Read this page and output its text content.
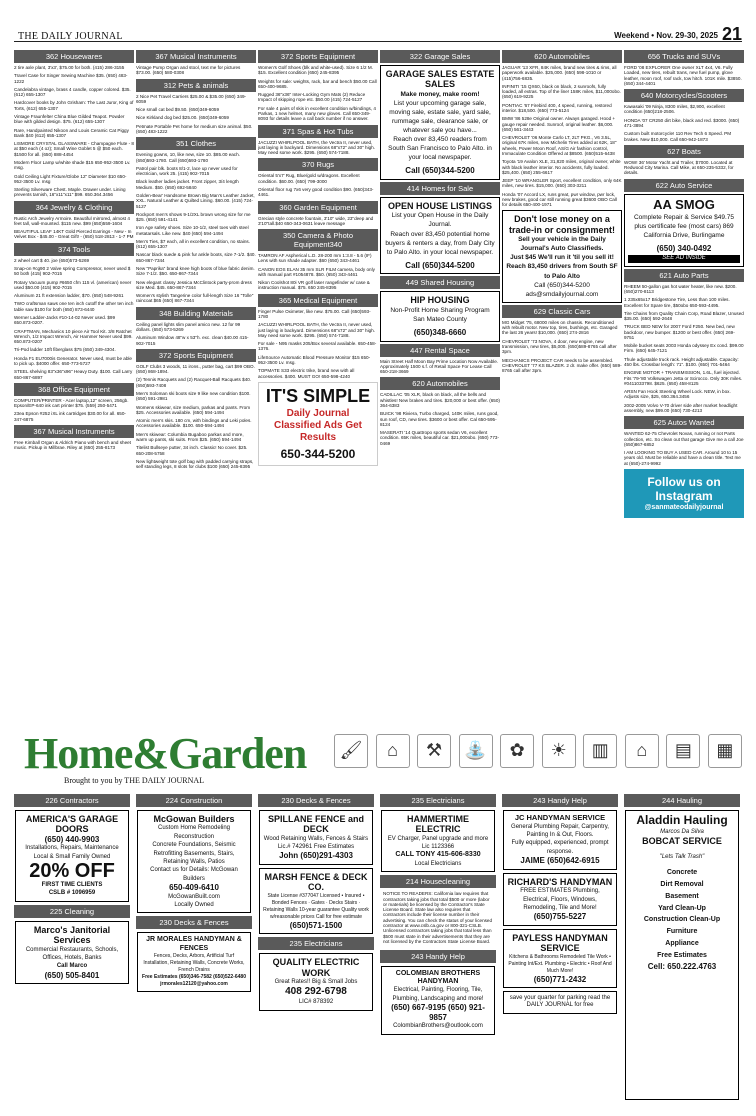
THE DAILY JOURNAL	Weekend • Nov. 29-30, 2025 21
362 Housewares

2 tire axle plant, 3'x3', $75.00 for both. (415) 286-3155

Travel Case for Singer Sewing Machine $35. (650) 483-1222

Candelabra vintage, brass 4 candle, copper colored. $35. (612) 655-1307

Hardcover books by John Grisham: The Last Juror, King of Torts, (612) 655-1307

Vintage Fraunfelter China Blue Gilded Teapot. Powder blue with gilded design. $75. (612) 655-1307

Rare, Handpainted Nikoon and Louis Ceramic Cat Piggy Bank $40 (612) 655-1307

LISMORE CRYSTAL GLASSWARE - Champagne Flute - 8 at $50 each (4 oz); Small Wine Goblet 5 @ $50 each. $1500 for all. (650) 888-4454

Modern Floor Lamp w/white shade $15 650-952-3500 Lv. msg.

Gold Ceiling Light Fixture/Globe 12" Diameter $10 650-952-3500 Lv. msg

Sterling Silverware Chest. Maple. Drawer under. Lining prevents tarnish, 16"x11"x11" $99. 650.364.3456

364 Jewelry & Clothing

Rustic Arch Jewelry Armoire. Beautiful mirrored, almost 4 feet tall, wall-mounted. $115 new. $99 (650)559-1604

BEAUTIFUL LEAF 14KT Gold Pierced Earrings - New - In Velvet Box - $45.00 - Great Gift! - (650) 518-2813 - 1-7 PM

374 Tools

2 wheel cart $ 40. joe (650)573-5269

Snap-on #cg90 2 Valve spring Compressor, never used $ 50 both (415) 902-7015

Rotary Vacuum pump #6650 cfm 115 vl. (american) never used $50.00 (415) 902-7015

Aluminum 21 ft extension ladder, $70. (650) 548-9261

TWO craftsman saws one ten inch cutoff the other ten inch table saw $100 for both (650) 873-6440

Werner Ladder-Jacks #10-14-02 Never used. $99 650.873-0207.

CRAFTMAN, Mechanics 10 piece Air Tool Kit. 3/8 Ratchet Wrench, 1/2 Impact Wrench, Air Hammer Never used $99. 650.873-0207

Tri-Pod ladder 10ft fiberglass $75 (650) 349-4304.

Honda F1 EU7000is Generator. Never used, must be able to pick up. $4000 offer. 650-773-5727

STEEL shelving 83"x36"x96" Heavy Duty. $100. Call Larry 650-867-6897

368 Office Equipment

COMPUTER/PRINTER - Acer laptop,12" screen, 256gb. Epson/EP-640 ink cart printer $75. (559) 250-5471

23ea Epson #252 iXL ink cartridges $30.00 for all. 650-347-6875

367 Musical Instruments

Free Kimball Organ & Aldrich Piano with bench and sheet music. Pickup in Millbrae. Riley at (650) 255-8173

367 Musical Instruments

Vintage Pump Organ and stool, text me for pictures $73.00. (650) 580-0308

312 Pets & animals

2 Nice Pet Travel Carriers $25.00 & $35.00 (650) 349-6059

Nice small cat bed $9.50. (650)349-6059

Nice Kirkland dog bed $25.00. (650)349-6059

Petmate Portable Pet home for medium size animal. $50. (650) 483-1222

351 Clothes

Evening gowns, 10, like new, size 10. $85.00 each. (650)593-1780. Call (650)593-1780

Patrol pair blk. boots 8/1-2, lace up never used for electrician, work 25. (415) 902-7015

Black leather ladies jacket. Front zipper, 3/4 length Medium. $50. (650) 692-5840

Golden-Bear' Handsome Brown Big Man's Leather Jacket, XXL. Natural Leather & Quilted Lining. $60.00. (415) 724-5127

Rockport men's shows 9-1/2XL brown wrong size for me $25. (650) 591-4141

Iron Age safety shoes. Size 10-1/2, steel toes with steel metatarsals. Like new. $40 (650) 594-1494

Men's Ties, $7 each, all in excellent condition, no stains. (612) 655-1307

Nascar black suede & pink fur ankle boots, size 7-1/2. $40. 650-867-7344

New "Paprika" brand knee high boots of blue fabric denim. Size 7-1/2. $50. 650-867-7344

New elegant classy Jessica McClintock party-prom dress size Med. $45. 650-867-7344

Women's stylish Tangerine color full-length Size 16 "Tolle" raincoat $65 (650) 867-7344

348 Building Materials

Ceiling panel lights slim panel amico new. 12 for 99 dollars. (650) 573-5269

Aluminum Window 48"w x 53"h. exc. clean $40.00 415-902-7015

372 Sports Equipment

GOLF Clubs 3 woods, 11 irons., putter bag, cart $99 OBO. (650) 868-1894.

(2) Tennis Racquets and (2) Racquet-Ball Racquets $40. (650)593-7408

Men's Soloman ski boots size 9 like new condition $100. (650) 591-2981

Womens skiwear, size medium, parkas and pants. From $25. Accessories available. (650) 594-1494

Atomic men's skis. 180 cm, with bindings and Leki poles. Accessories available. $100. 650-594-1494

Men's skiwear: Columbia Bugaboo parkas and more, warm up pants, ski suits. From $25. (650) 594-1494

Titelist Bullseye putter, 34 inch. Classic! No cover. $25. 650-208-5758

New lightweight tote golf bag with padded carrying straps, self standing legs, 8 slots for clubs $100 (650) 245-8395

372 Sports Equipment

Women's Golf Shoes (blk and white-used). Size 6 1/2 M. $15. Excellent condition (650) 245-8395

Weights for sale: weights, rack, bar and bench $50.00 Call 650-400-9685.

Rugged 36"x36" Inter-Locking Gym Mats (2) Reduce Impact of skipping rope etc. $50.00 (415) 724-5127

For sale 4 pairs of skis in excellent condition w/bindings, 4 Parkas, 1 new helmet, many new gloves. Call 650-349-8093 for details leave a call back number if no answer.

371 Spas & Hot Tubs

JACUZZI WHIRLPOOL BATH, the Vectra II, never used, just laying in backyard. Dimensions 68"x72" and 30" high. May need some work. $295. (650) 574-7188.

370 Rugs

Oriental 5'x7' Rug, Blue/gold w/dragons. Excellent condition. $60.00. (650) 799-3000

Oriental floor rug 7x6 very good condition $90. (650)343-4461.

360 Garden Equipment

Grecian style concrete fountain, 3'10" wide, 23"deep and 3'10"tall.$40 650-343-0631 leave message

350 Camera & Photo Equipment340

TAMRON AF Aspherical L.D. 28-200 mm 1:3.8 - 5.6 (IF) Lens with sun shade adapter. $60 (650) 343-4461

CANON EOS ELAN 35 mm SLR FILM camera, body only with manual part #1054878. $50. (650) 343-4461

Nikon Coolshot 80i VR golf laser rangefinder w/ case & instruction manual. $75. 650 245-8395

365 Medical Equipment

Finger Pulse Oximeter, like new. $75.00. Call (650)593-1780

JACUZZI WHIRLPOOL BATH, the Vectra II, never used, just laying in backyard. Dimensions 68"x72" and 30" high. May need some work. $295. (650) 574-7188.

For sale - N95 masks 205/Box several available. 650-458-1376.

LifeSource Automatic Blood Pressure Monitor $15 650-952-3500 Lv. msg.

TOPMATE S33 electric trike, brand new with all accessories. $400. MUST GO! 650-598-4240

IT'S SIMPLE
Daily Journal Classified Ads Get Results
650-344-5200
322 Garage Sales
GARAGE SALES ESTATE SALES
Make money, make room!
List your upcoming garage sale, moving sale, estate sale, yard sale, rummage sale, clearance sale, or whatever sale you have...
Reach over 83,450 readers from South San Francisco to Palo Alto. in your local newspaper.
Call (650)344-5200
414 Homes for Sale
OPEN HOUSE LISTINGS
List your Open House in the Daily Journal.
Reach over 83,450 potential home buyers & renters a day, from Daly City to Palo Alto. in your local newspaper.
Call (650)344-5200
449 Shared Housing
HIP HOUSING
Non-Profit Home Sharing Program
San Mateo County
(650)348-6660
447 Rental Space

Main Street Half Moon Bay Prime Location Now Available. Approximately 1500 s.f. of Retail Space For Lease Call 650-218-3669

620 Automobiles

CADILLAC '05 XLR, black on black, all the bells and whistles! New brakes and tires. $20,000 or best offer. (650) 364-6383

BUICK '98 Riviera, Turbo charged, 140K miles, runs good, sun roof, CD, new tires. $3600 or best offer. Cal 650-595-8124

MASERATI '14 Quattropo sports sedan V6, excellent condition. 65K miles, beautiful car. $21,000obo. (650) 773-0469

620 Automobiles

JAGUAR '13 XFR, 84K miles, brand new tires & rims, all paperwork available. $25,000. (650) 598-1010 or (415)756-6835.

INFINITI '15 QX60, black on black, 2 sunroofs, fully loaded, all extras. Top of the line! 158K miles, $11,000obo. (650) 619-9225

PONTIAC '67 Firebird 400, 4 speed, running, restored interior. $18,500. (650) 773-5124

BMW '86 528e Original owner. Always garaged. Hood + gauge repair needed. Sunroof, original leather. $6,000. (650) 561-3443

CHEVROLET '06 Monte Carlo LT, 2LT PKG., V6 3.5L, original 67K miles, new Michelin Tires added at 62K, 18" wheels, Power Moon Roof, AS/G Air fashion control, Immaculate Condition Offered at $8500. (650)515-6438

Toyota '19 Avalon XLE, 31,820 miles, original owner, white with black leather interior. No accidents, fully loaded. $25,400. (650) 255-6617

JEEP '10 WRANGLER Sport, excellent condition, only 64K miles, new tires. $15,000. (650) 303-3211

Honda '07 Accord LX, runs great, pwr window, pwr lock, new brakes, good car still running great $3600 OBO Call for details 650-400-1971

Don't lose money on a trade-in or consignment!
Sell your vehicle in the Daily Journal's Auto Classifieds.
Just $45 We'll run it 'til you sell it!
Reach 83,450 drivers from South SF to Palo Alto
Call (650)344-5200 ads@smdailyjournal.com
629 Classic Cars

MG Midget '75, 68000 miles on chassis. Reconditioned with rebuilt motor. New top, tires, bushings, etc. Garaged the last 26 years! $10,000. (650) 274-2816

CHEVROLET '73 NOVA, 4 door, new engine, new transmission, new tires, $5,000. (650)589-8765 call after 3pm.

MECHANICS PROJECT CAR needs to be assembled. CHEVROLET '77 KS BLAZER. 2 dr. make offer. (650) 589-8765 call after 3pm.

656 Trucks and SUVs

FORD '08 EXPLORER One owner XLT 4x4, V6. Fully Loaded, new tires, rebuilt trans, new fuel pump, glove leather, moon roof, roof rack, tow hitch. 101K mile. $3850. (650) 344-4401

640 Motorcycles/Scooters

Kawasaki '09 Ninja, 8300 miles, $2,900, excellent condition (650)218-2506.

HONDA '07 CR250 dirt bike, black and red. $3000. (650) 471-3894

Custom built motorcycle! 110 Rev Tech 6 Speed. PM brakes. New $10,000. Call 650-942-1873

627 Boats

WOW! 36' Motor Yacht and Trailer, $7000. Located at Redwood City Marina. Call Mike, at 650-235-5332, for details.

622 Auto Service
AA SMOG
Complete Repair & Service $49.75 plus certificate fee (most cars) 869 California Drive, Burlingame
(650) 340-0492
SEE AD INSIDE
621 Auto Parts

RHEEM 50-gallon gas hot water heater, like new. $200. (650)270-8113

1 235x65x17 Bridgestone Tire, Less than 100 miles. Excellent for Spare tire, $50obo 650-593-4495.

Tire Chains from Quality Chain Corp, Road Blazer, Unused $35.00. (650) 592-2648

TRUCK BED NEW for 2007 Ford F250. New bed, new backdoor, new bumper. $1200 or best offer. (650) 269-9751

Mobile bucket seats 2003 Honda odyssey Ex cond. $99.00 Firm. (650) 645-7121

Thule adjustable truck rack. Height adjustable. Capacity: 450 lbs. Crossbar length: 71". $100. (650) 701-5464

ENGINE MOTOR + TRANSMISSION, 1.6L, fuel injected. Fits '79-'80 Volkswagen Jetta or Scirocco. Only 30K miles. #0411033798. $625. (650) 458-8125

ARSN Fan Hook Steering Wheel Lock. NEW, in box. Adjusts size, $25, 650.364.3456

2002-2005 Volvo V-70 driver side after market headlight assembly, new $99.00 (650) 730-4213

625 Autos Wanted

WANTED 62-75 Chevrolet Novas, running or not Parts collection, etc. So clean out that garage Give me a call Joe (650)867-6852

I AM LOOKING TO BUY A USED CAR. Around 10 to 15 years old. Must be reliable and have a clean title. Text me at (650)-274-9992

Follow us on Instagram
@sanmateodailyjournal
Home&Garden
Brought to you by THE DAILY JOURNAL
🖌	⌂	⚒	⛲	✿	☀	▥	⌂	▤	▦
226 Contractors
AMERICA'S GARAGE DOORS
(650) 440-9903
Installations, Repairs, Maintenance
Local & Small Family Owned
20% OFF
FIRST TIME CLIENTS
CSLB # 1096959
225 Cleaning
Marco's Janitorial Services
Commercial Restaurants, Schools, Offices, Hotels, Banks
Call Marco
(650) 505-8401
224 Construction
McGowan Builders
Custom Home Remodeling Reconstruction
Concrete Foundations, Seismic Retrofitting Basements, Stairs, Retaining Walls, Patios
Contact us for Details: McGowan Builders
650-409-6410
McGowanBuilt.com
Locally Owned
230 Decks & Fences
JR MORALES HANDYMAN & FENCES
Fences, Decks, Arbors, Artificial Turf Installation, Retaining Walls, Concrete Works, French Drains
Free Estimates (650)346-7582 (650)522-6480 jrmorales12120@yahoo.com
230 Decks & Fences
SPILLANE FENCE and DECK
Wood Retaining Walls, Fences & Stairs Lic.# 742961 Free Estimates
John (650)291-4303
MARSH FENCE & DECK CO.
State License #377047 Licensed • Insured • Bonded Fences · Gates · Decks Stairs · Retaining Walls 10-year guarantee Quality work w/reasonable prices Call for free estimate
(650)571-1500
235 Electricians
QUALITY ELECTRIC WORK
Great Rates!! Big & Small Jobs
408 292-6798
LIC# 878392
235 Electricians
HAMMERTIME ELECTRIC
EV Charger, Panel upgrade and more
Lic 1123366
CALL TONY 415-606-8330
Local Electricians
214 Housecleaning

NOTICE TO READERS: California law requires that contractors taking jobs that total $500 or more (labor or materials) be licensed by the Contractor's State License Board. State law also requires that contractors include their license number in their advertising. You can check the status of your licensed contractor at www.cslb.ca.gov or 800-321-CSLB. Unlicensed contractors taking jobs that total less than $500 must state in their advertisements that they are not licensed by the Contractors State License Board.

243 Handy Help
COLOMBIAN BROTHERS HANDYMAN
Electrical, Painting, Flooring, Tile, Plumbing, Landscaping and more!
(650) 667-9195 (650) 921-9857
ColombianBrothers@outlook.com
243 Handy Help
JC HANDYMAN SERVICE
General Plumbing Repair, Carpentry, Painting In & Out, Floors.
Fully equipped, experienced, prompt response.
JAIME (650)642-6915
RICHARD'S HANDYMAN
FREE ESTIMATES Plumbing, Electrical, Floors, Windows, Remodeling, Tile and More!
(650)755-5227
PAYLESS HANDYMAN SERVICE
Kitchens & Bathrooms Remodeled Tile Work • Painting Int/Ext. Plumbing • Electric • Roof And Much More!
(650)771-2432
save your quarter for parking read the DAILY JOURNAL for free
244 Hauling
Aladdin Hauling
Marcos Da Silva
BOBCAT SERVICE
"Lets Talk Trash"
Concrete
Dirt Removal
Basement
Yard Clean-Up
Construction Clean-Up
Furniture
Appliance
Free Estimates
Cell: 650.222.4763
